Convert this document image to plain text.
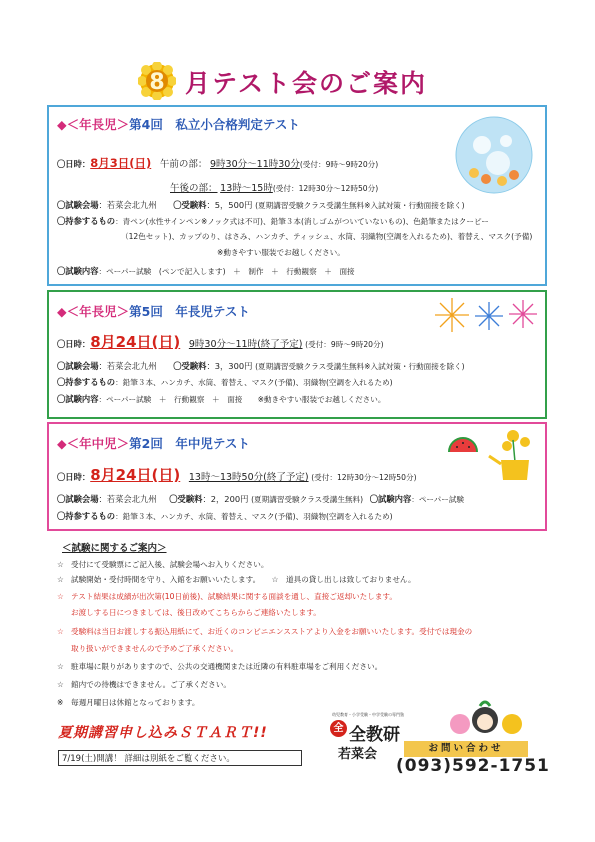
8 月テスト会のご案内
◆＜年長児＞第4回　私立小合格判定テスト
〇日時：8月3日(日) 午前の部： 9時30分～11時30分(受付：9時～9時20分)
午後の部： 13時～15時(受付：12時30分～12時50分)
〇試験会場：若菜会北九州 〇受験料：5，500円 (夏期講習受験クラス受講生無料※入試対策・行動面接を除く)
〇持参するもの：青ペン(水性サインペン※ノック式は不可)、鉛筆３本(消しゴムがついていないもの)、色鉛筆またはクーピー
（12色セット)、カップのり、はさみ、ハンカチ、ティッシュ、水筒、羽織物(空調を入れるため)、着替え、マスク(予備)
※動きやすい服装でお越しください。
〇試験内容：ペーパー試験　(ペンで記入します)　＋　制作　＋　行動観察　＋　面接
◆＜年長児＞第5回　年長児テスト
〇日時：8月24日(日) 9時30分～11時(終了予定) (受付：9時～9時20分)
〇試験会場：若菜会北九州 〇受験料：3，300円 (夏期講習受験クラス受講生無料※入試対策・行動面接を除く)
〇持参するもの：鉛筆３本、ハンカチ、水筒、着替え、マスク(予備)、羽織物(空調を入れるため)
〇試験内容：ペーパー試験　＋　行動観察　＋　面接　　※動きやすい服装でお越しください。
◆＜年中児＞第2回　年中児テスト
〇日時：8月24日(日) 13時～13時50分(終了予定) (受付：12時30分～12時50分)
〇試験会場：若菜会北九州 〇受験料：2，200円 (夏期講習受験クラス受講生無料) 〇試験内容：ペーパー試験
〇持参するもの：鉛筆３本、ハンカチ、水筒、着替え、マスク(予備)、羽織物(空調を入れるため)
＜試験に関するご案内＞
☆ 受付にて受験票にご記入後、試験会場へお入りください。
☆ 試験開始・受付時間を守り、入館をお願いいたします。　　☆　道具の貸し出しは致しておりません。
☆ テスト結果は成績が出次第(10日前後)、試験結果に関する面談を通し、直接ご返却いたします。
お渡しする日につきましては、後日改めてこちらからご連絡いたします。
☆ 受験料は当日お渡しする振込用紙にて、お近くのコンビニエンスストアより入金をお願いいたします。受付では現金の
取り扱いができませんので予めご了承ください。
☆ 駐車場に限りがありますので、公共の交通機関または近隣の有料駐車場をご利用ください。
☆ 館内での待機はできません。ご了承ください。
※ 毎週月曜日は休館となっております。
夏期講習申し込みＳＴＡＲＴ!!
7/19(土)開講！ 詳細は別紙をご覧ください。
幼児教育・小学受験・中学受験の専門塾
全 全教研
若菜会	お問い合わせ
(093)592-1751
